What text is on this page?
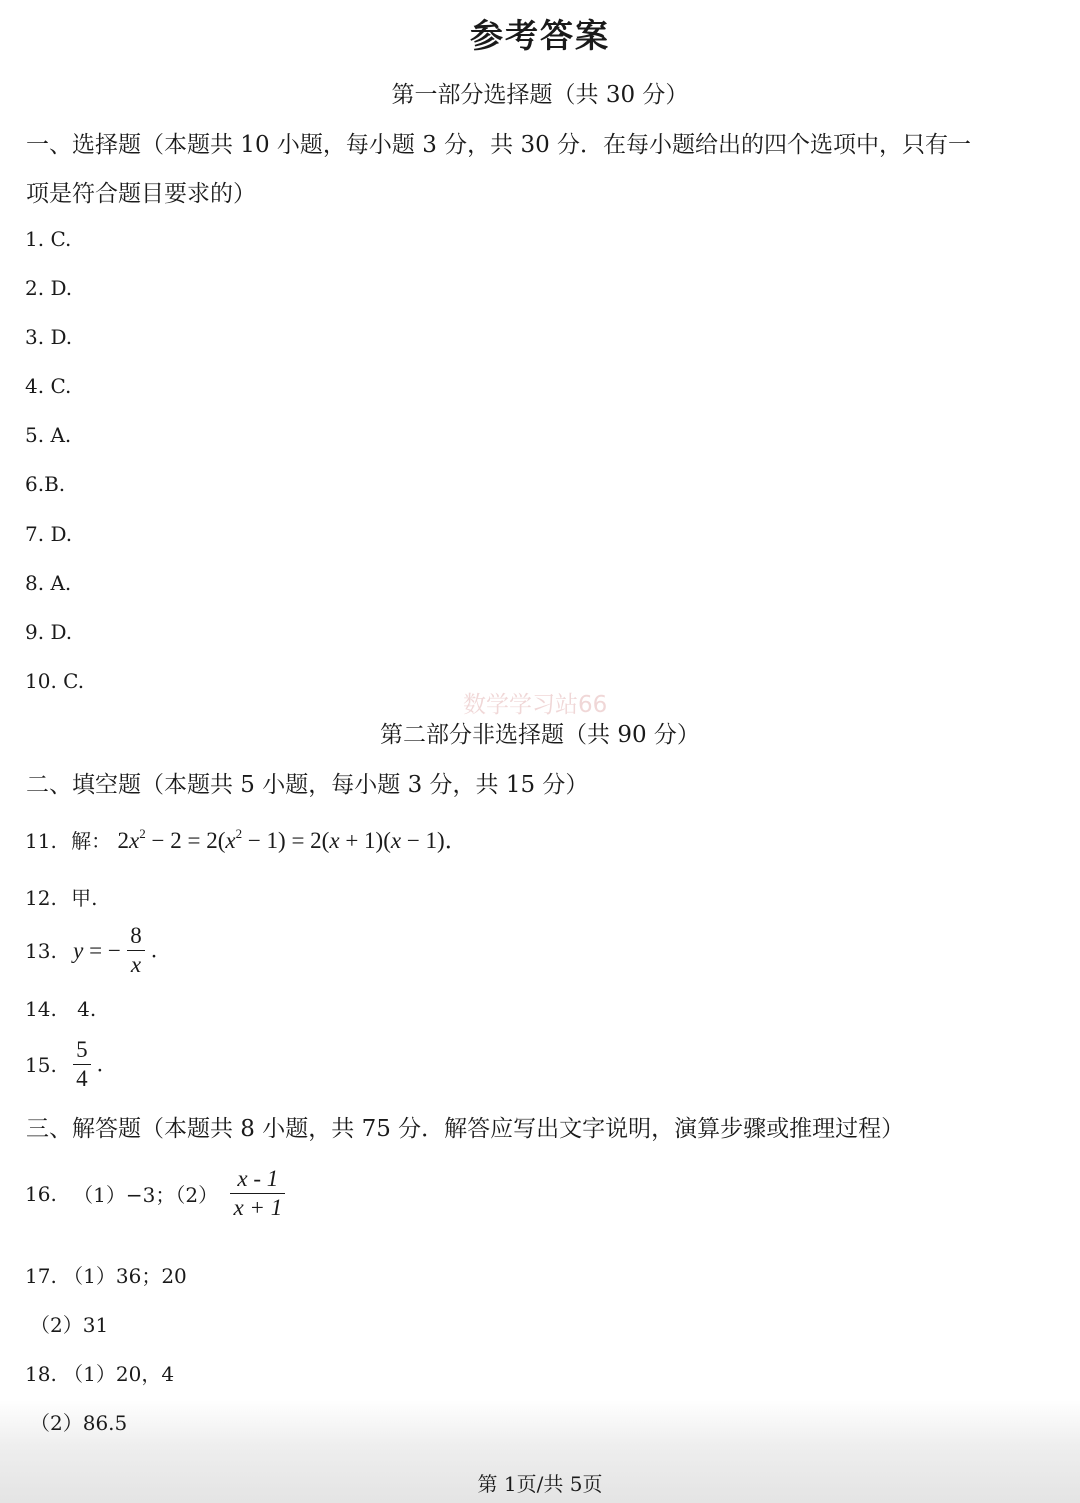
参考答案
第一部分选择题（共 30 分）
一、选择题（本题共 10 小题，每小题 3 分，共 30 分．在每小题给出的四个选项中，只有一
项是符合题目要求的）
1. C.
2. D.
3. D.
4. C.
5. A.
6.B.
7. D.
8. A.
9. D.
10. C.
数学学习站66
第二部分非选择题（共 90 分）
二、填空题（本题共 5 小题，每小题 3 分，共 15 分）
11. 解： $2x^2 - 2 = 2(x^2 - 1) = 2(x + 1)(x - 1)$．
12. 甲.
13. y = − $\frac{8}{x}$ .
14. 4.
15. $\frac{5}{4}$ .
三、解答题（本题共 8 小题，共 75 分．解答应写出文字说明，演算步骤或推理过程）
16. （1）−3；$(2) \frac{x - 1}{x + 1}$
17. （1）36；20
（2）31
18. （1）20，4
（2）86.5
第 1页/共 5页
